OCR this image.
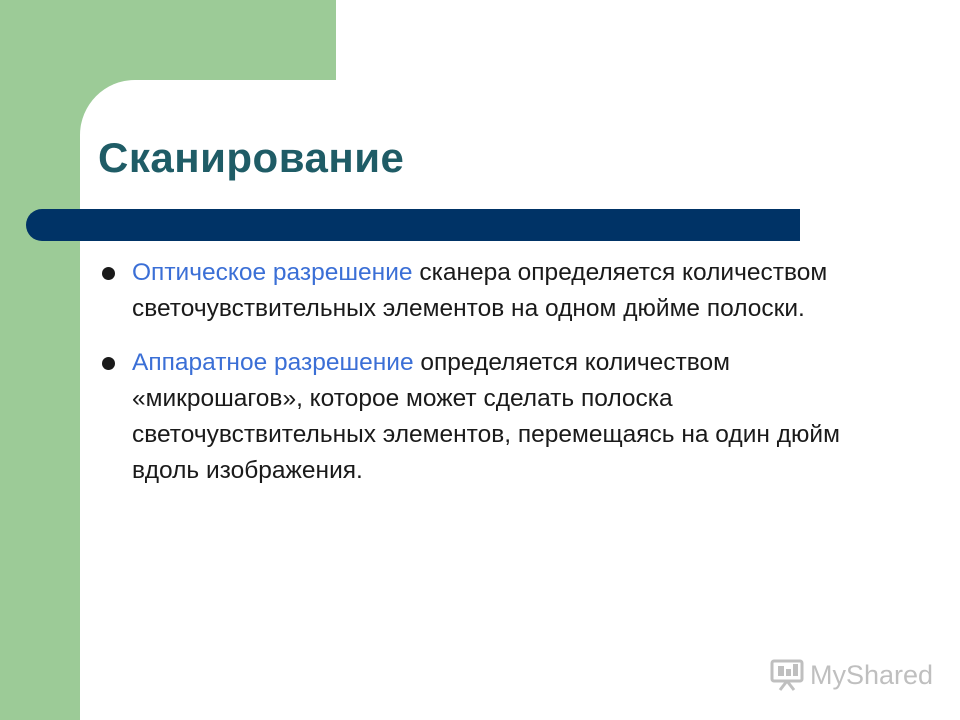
Сканирование
Оптическое разрешение сканера определяется количеством светочувствительных элементов на одном дюйме полоски.
Аппаратное разрешение определяется количеством «микрошагов», которое может сделать полоска светочувствительных элементов, перемещаясь на один дюйм вдоль изображения.
MyShared
